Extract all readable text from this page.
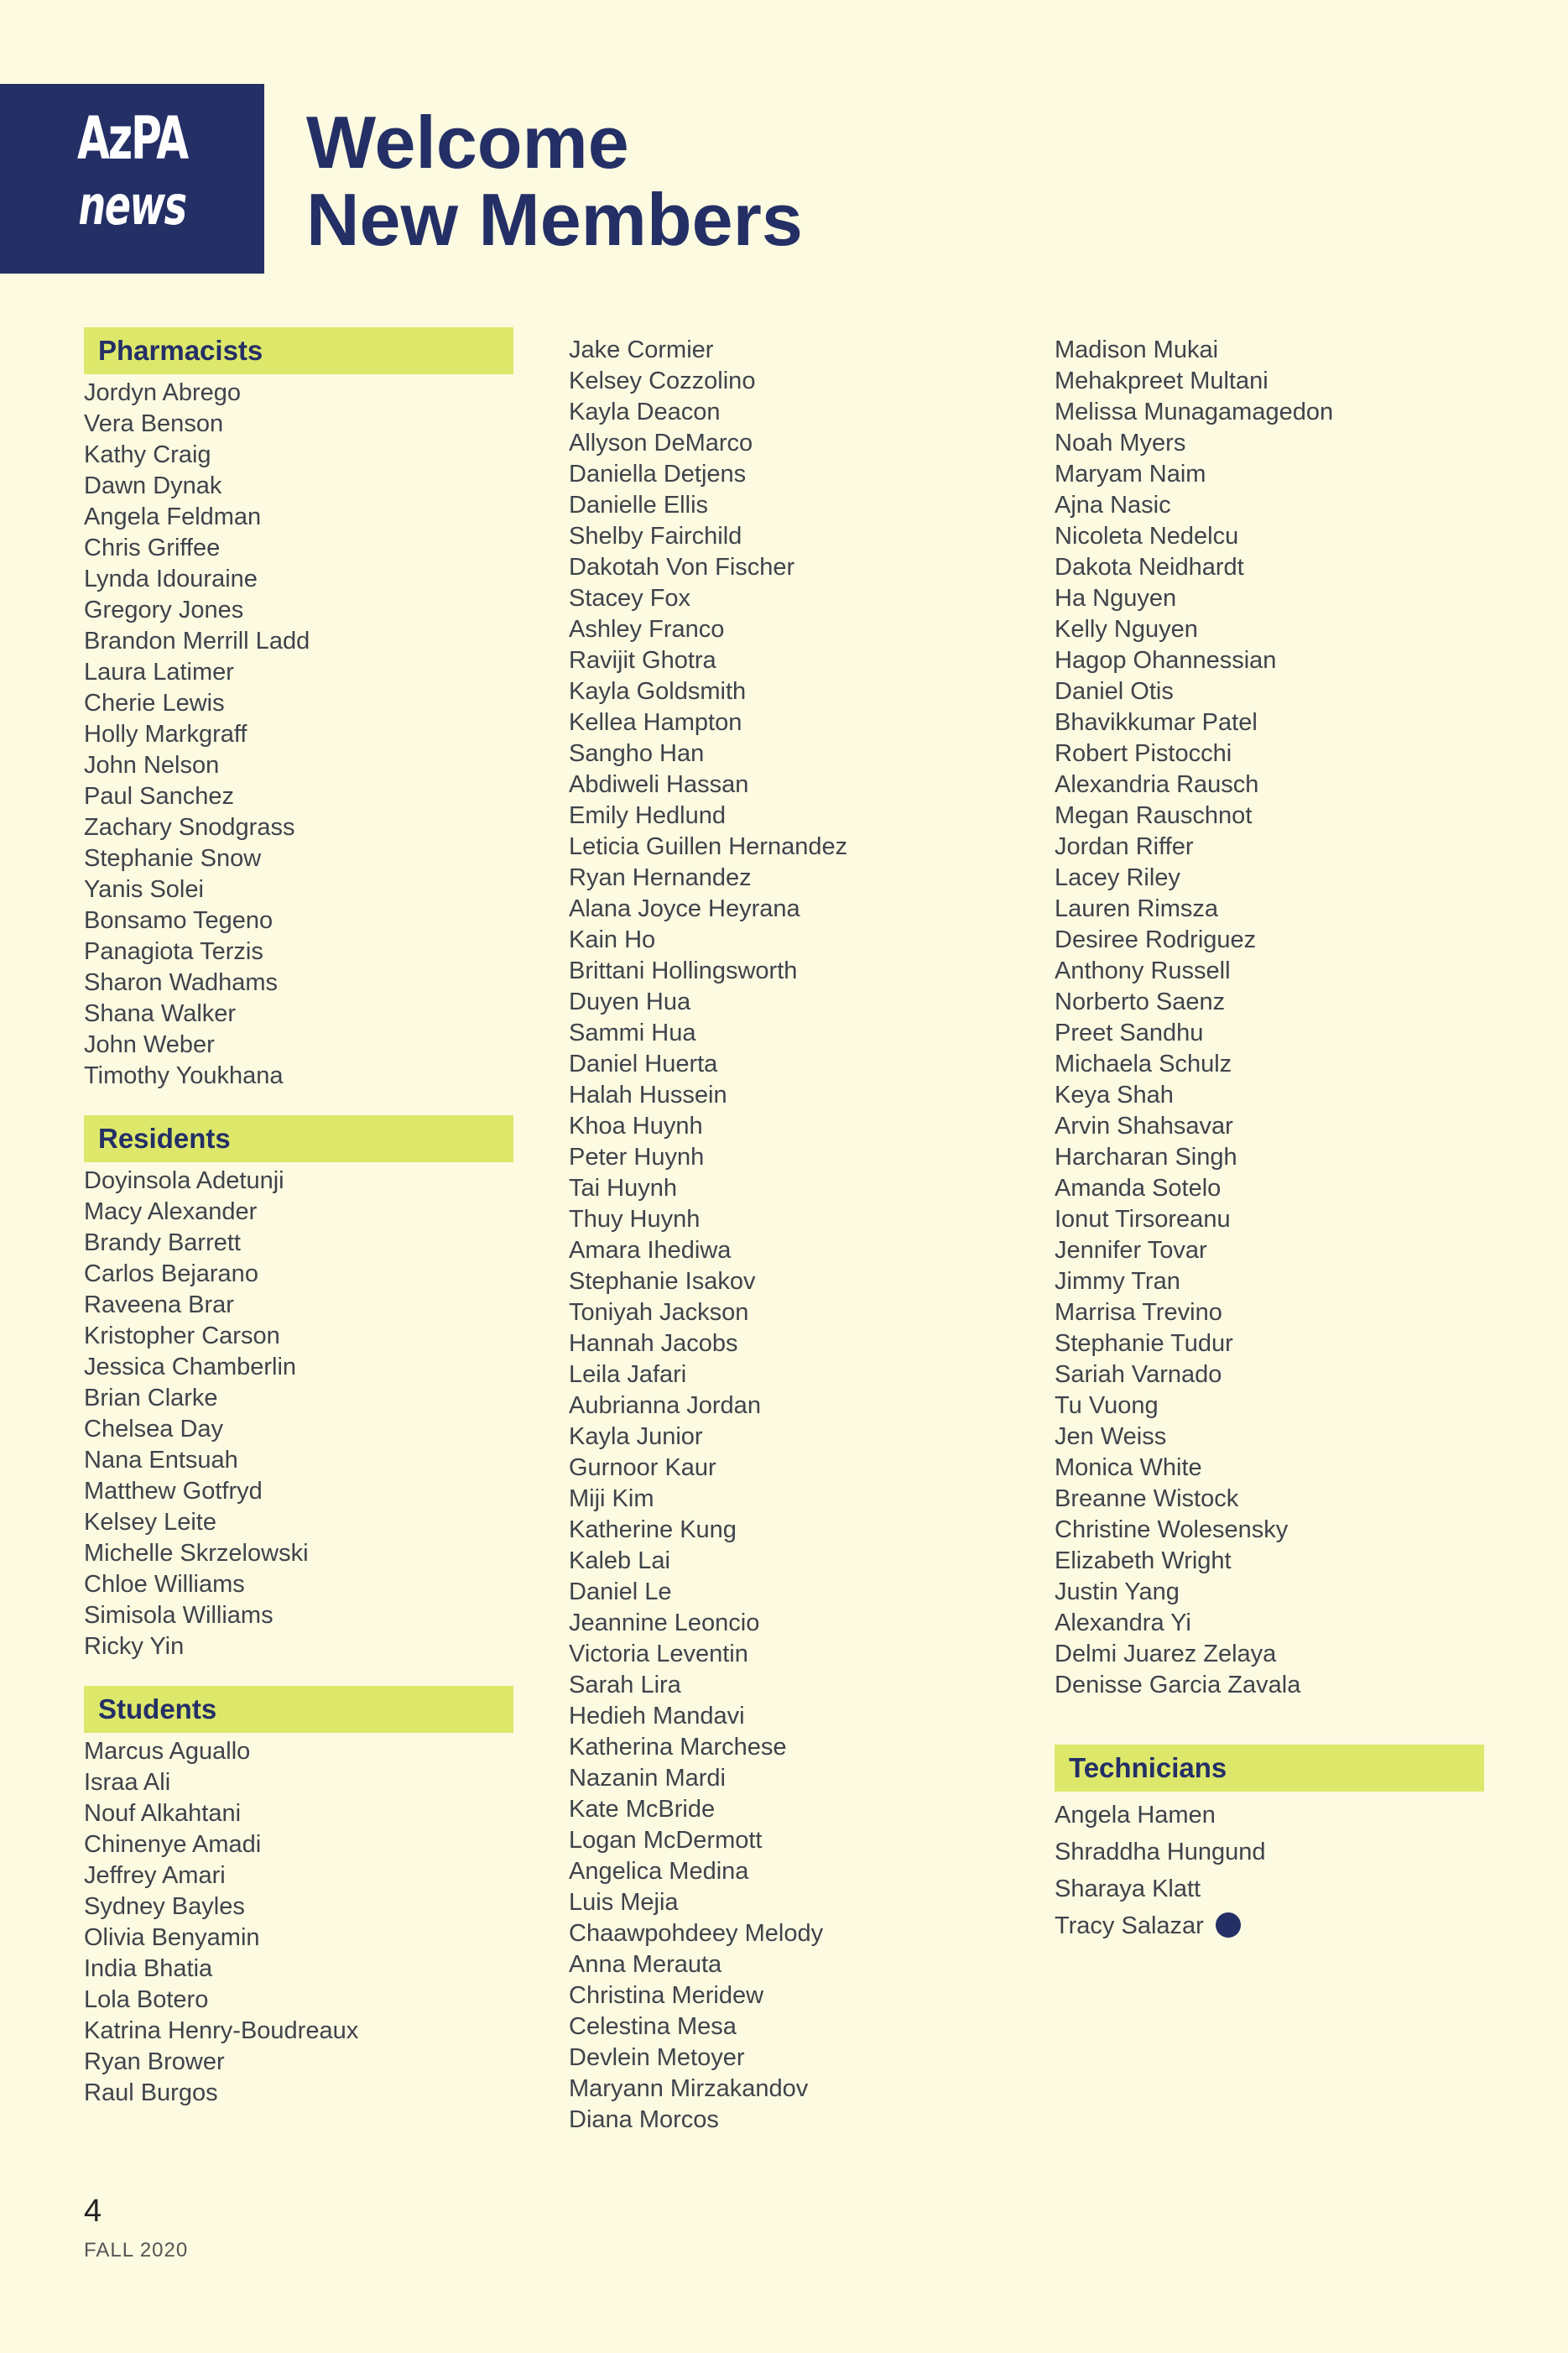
AzPA
news
Welcome
New Members
Pharmacists
Jordyn Abrego
Vera Benson
Kathy Craig
Dawn Dynak
Angela Feldman
Chris Griffee
Lynda Idouraine
Gregory Jones
Brandon Merrill Ladd
Laura Latimer
Cherie Lewis
Holly Markgraff
John Nelson
Paul Sanchez
Zachary Snodgrass
Stephanie Snow
Yanis Solei
Bonsamo Tegeno
Panagiota Terzis
Sharon Wadhams
Shana Walker
John Weber
Timothy Youkhana
Residents
Doyinsola Adetunji
Macy Alexander
Brandy Barrett
Carlos Bejarano
Raveena Brar
Kristopher Carson
Jessica Chamberlin
Brian Clarke
Chelsea Day
Nana Entsuah
Matthew Gotfryd
Kelsey Leite
Michelle Skrzelowski
Chloe Williams
Simisola Williams
Ricky Yin
Students
Marcus Aguallo
Israa Ali
Nouf Alkahtani
Chinenye Amadi
Jeffrey Amari
Sydney Bayles
Olivia Benyamin
India Bhatia
Lola Botero
Katrina Henry-Boudreaux
Ryan Brower
Raul Burgos
Jake Cormier
Kelsey Cozzolino
Kayla Deacon
Allyson DeMarco
Daniella Detjens
Danielle Ellis
Shelby Fairchild
Dakotah Von Fischer
Stacey Fox
Ashley Franco
Ravijit Ghotra
Kayla Goldsmith
Kellea Hampton
Sangho Han
Abdiweli Hassan
Emily Hedlund
Leticia Guillen Hernandez
Ryan Hernandez
Alana Joyce Heyrana
Kain Ho
Brittani Hollingsworth
Duyen Hua
Sammi Hua
Daniel Huerta
Halah Hussein
Khoa Huynh
Peter Huynh
Tai Huynh
Thuy Huynh
Amara Ihediwa
Stephanie Isakov
Toniyah Jackson
Hannah Jacobs
Leila Jafari
Aubrianna Jordan
Kayla Junior
Gurnoor Kaur
Miji Kim
Katherine Kung
Kaleb Lai
Daniel Le
Jeannine Leoncio
Victoria Leventin
Sarah Lira
Hedieh Mandavi
Katherina Marchese
Nazanin Mardi
Kate McBride
Logan McDermott
Angelica Medina
Luis Mejia
Chaawpohdeey Melody
Anna Merauta
Christina Meridew
Celestina Mesa
Devlein Metoyer
Maryann Mirzakandov
Diana Morcos
Madison Mukai
Mehakpreet Multani
Melissa Munagamagedon
Noah Myers
Maryam Naim
Ajna Nasic
Nicoleta Nedelcu
Dakota Neidhardt
Ha Nguyen
Kelly Nguyen
Hagop Ohannessian
Daniel Otis
Bhavikkumar Patel
Robert Pistocchi
Alexandria Rausch
Megan Rauschnot
Jordan Riffer
Lacey Riley
Lauren Rimsza
Desiree Rodriguez
Anthony Russell
Norberto Saenz
Preet Sandhu
Michaela Schulz
Keya Shah
Arvin Shahsavar
Harcharan Singh
Amanda Sotelo
Ionut Tirsoreanu
Jennifer Tovar
Jimmy Tran
Marrisa Trevino
Stephanie Tudur
Sariah Varnado
Tu Vuong
Jen Weiss
Monica White
Breanne Wistock
Christine Wolesensky
Elizabeth Wright
Justin Yang
Alexandra Yi
Delmi Juarez Zelaya
Denisse Garcia Zavala
Technicians
Angela Hamen
Shraddha Hungund
Sharaya Klatt
Tracy Salazar
4
FALL 2020
